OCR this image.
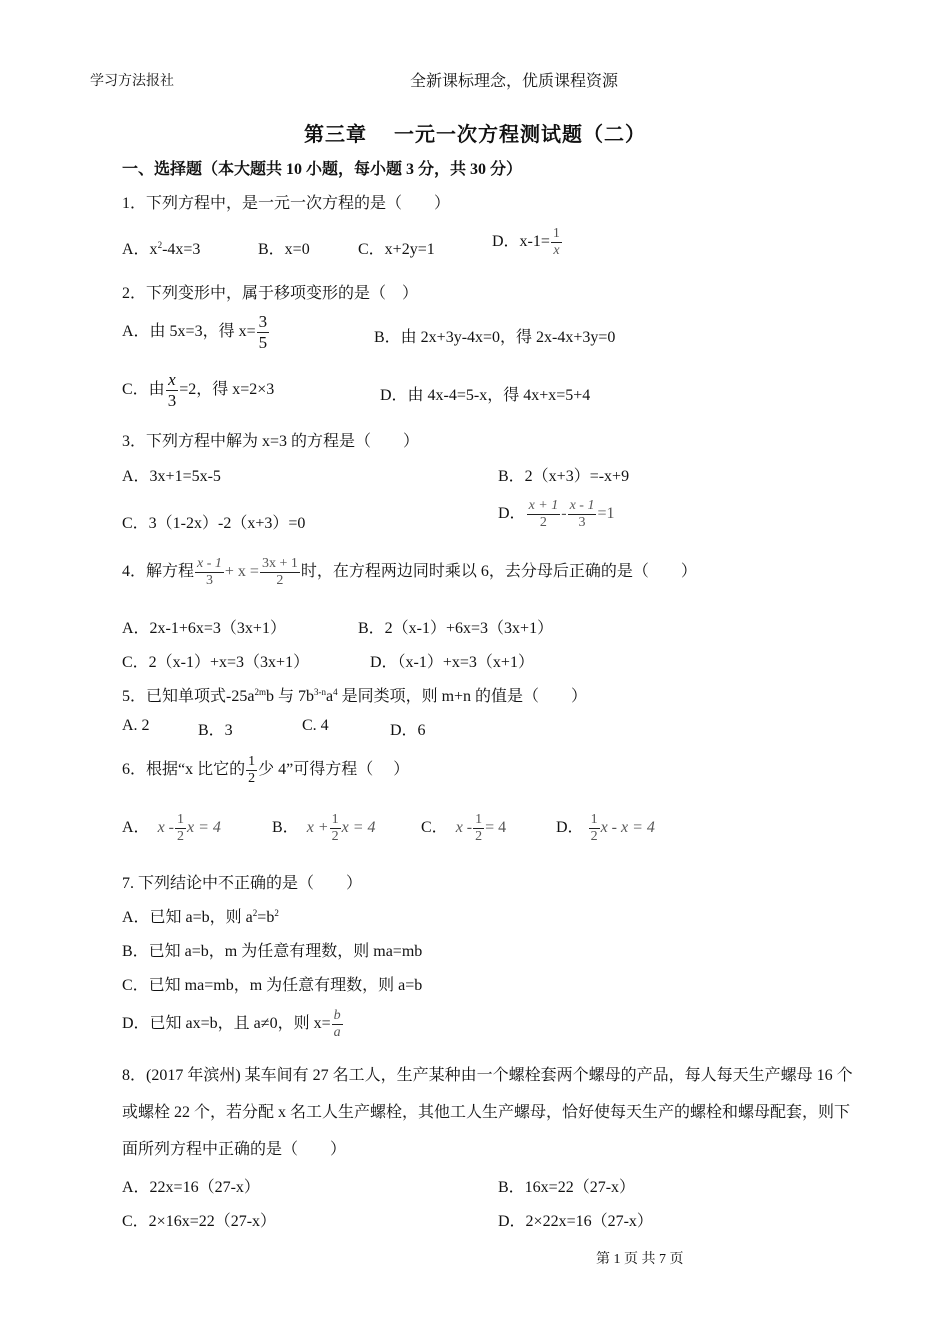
学习方法报社	全新课标理念，优质课程资源
第三章　 一元一次方程测试题（二）
一、选择题（本大题共 10 小题，每小题 3 分，共 30 分）
1．下列方程中，是一元一次方程的是（　　）
A．$x^2-4x=3$	B．x=0	C．x+2y=1	D．$x-1= \frac{1}{x}$
2．下列变形中，属于移项变形的是（　）
A．由 5x=3，得 $x= \frac{3}{5}$	B．由 2x+3y-4x=0，得 2x-4x+3y=0
C．由 $\frac{x}{3} =2$，得 x=2×3	D．由 4x-4=5-x，得 4x+x=5+4
3．下列方程中解为 x=3 的方程是（　　）
A．3x+1=5x-5	B．2（x+3）=-x+9
C．3（1-2x）-2（x+3）=0
D． $\frac{x + 1}{2} - \frac{x - 1}{3} =1$
4．解方程 $\frac{x - 1}{3} + x = \frac{3x + 1}{2}$ 时，在方程两边同时乘以 6，去分母后正确的是（　　）
A．2x-1+6x=3（3x+1）	B．2（x-1）+6x=3（3x+1）
C．2（x-1）+x=3（3x+1）	D．（x-1）+x=3（x+1）
5．已知单项式$-25a^{2m}b$ 与 $7b^{3-n}a^4$ 是同类项，则 m+n 的值是（　　）
A. 2	B．3	C. 4	D．6
6．根据“x 比它的 $\frac{1}{2}$ 少 4”可得方程（　 ）
A． x - $\frac{1}{2}$ x = 4	B． $x + \frac{1}{2}$ x = 4	C． $x - \frac{1}{2} = 4$	D． $\frac{1}{2}$ x - x = 4
7. 下列结论中不正确的是（　　）
A．已知 a=b，则 $a^2=b^2$
B．已知 a=b，m 为任意有理数，则 ma=mb
C．已知 ma=mb，m 为任意有理数，则 a=b
D．已知 ax=b，且 a≠0，则 $x= \frac{b}{a}$
8．(2017 年滨州) 某车间有 27 名工人，生产某种由一个螺栓套两个螺母的产品，每人每天生产螺母 16 个或螺栓 22 个，若分配 x 名工人生产螺栓，其他工人生产螺母，恰好使每天生产的螺栓和螺母配套，则下面所列方程中正确的是（　　）
A．22x=16（27-x）	B．16x=22（27-x）
C．2×16x=22（27-x）	D．2×22x=16（27-x）
第 1 页 共 7 页
